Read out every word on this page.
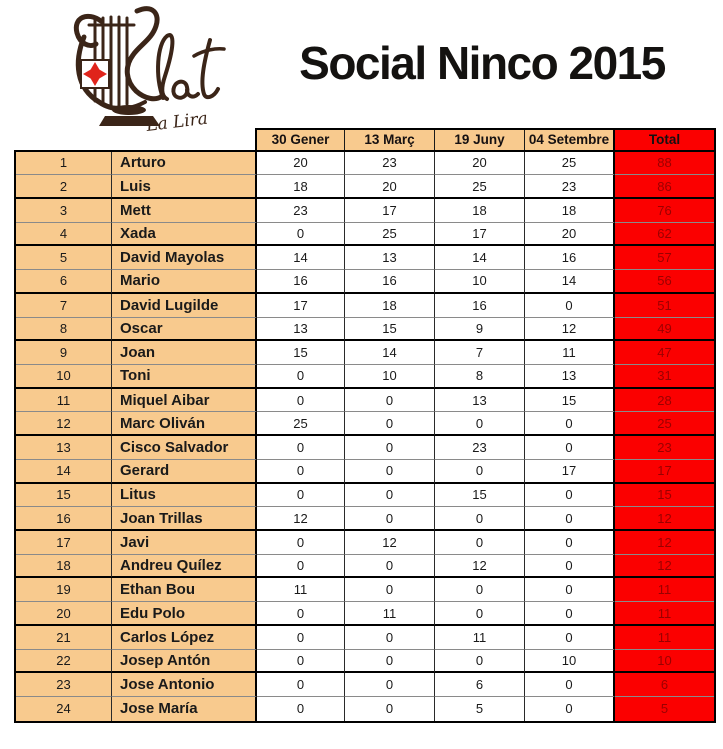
La Lira
Social Ninco 2015
30 Gener	13 Març	19 Juny	04 Setembre	Total
1	Arturo	20	23	20	25	88
2	Luis	18	20	25	23	86
3	Mett	23	17	18	18	76
4	Xada	0	25	17	20	62
5	David Mayolas	14	13	14	16	57
6	Mario	16	16	10	14	56
7	David Lugilde	17	18	16	0	51
8	Oscar	13	15	9	12	49
9	Joan	15	14	7	11	47
10	Toni	0	10	8	13	31
11	Miquel Aibar	0	0	13	15	28
12	Marc Oliván	25	0	0	0	25
13	Cisco Salvador	0	0	23	0	23
14	Gerard	0	0	0	17	17
15	Litus	0	0	15	0	15
16	Joan Trillas	12	0	0	0	12
17	Javi	0	12	0	0	12
18	Andreu Quílez	0	0	12	0	12
19	Ethan Bou	11	0	0	0	11
20	Edu Polo	0	11	0	0	11
21	Carlos López	0	0	11	0	11
22	Josep Antón	0	0	0	10	10
23	Jose Antonio	0	0	6	0	6
24	Jose María	0	0	5	0	5
